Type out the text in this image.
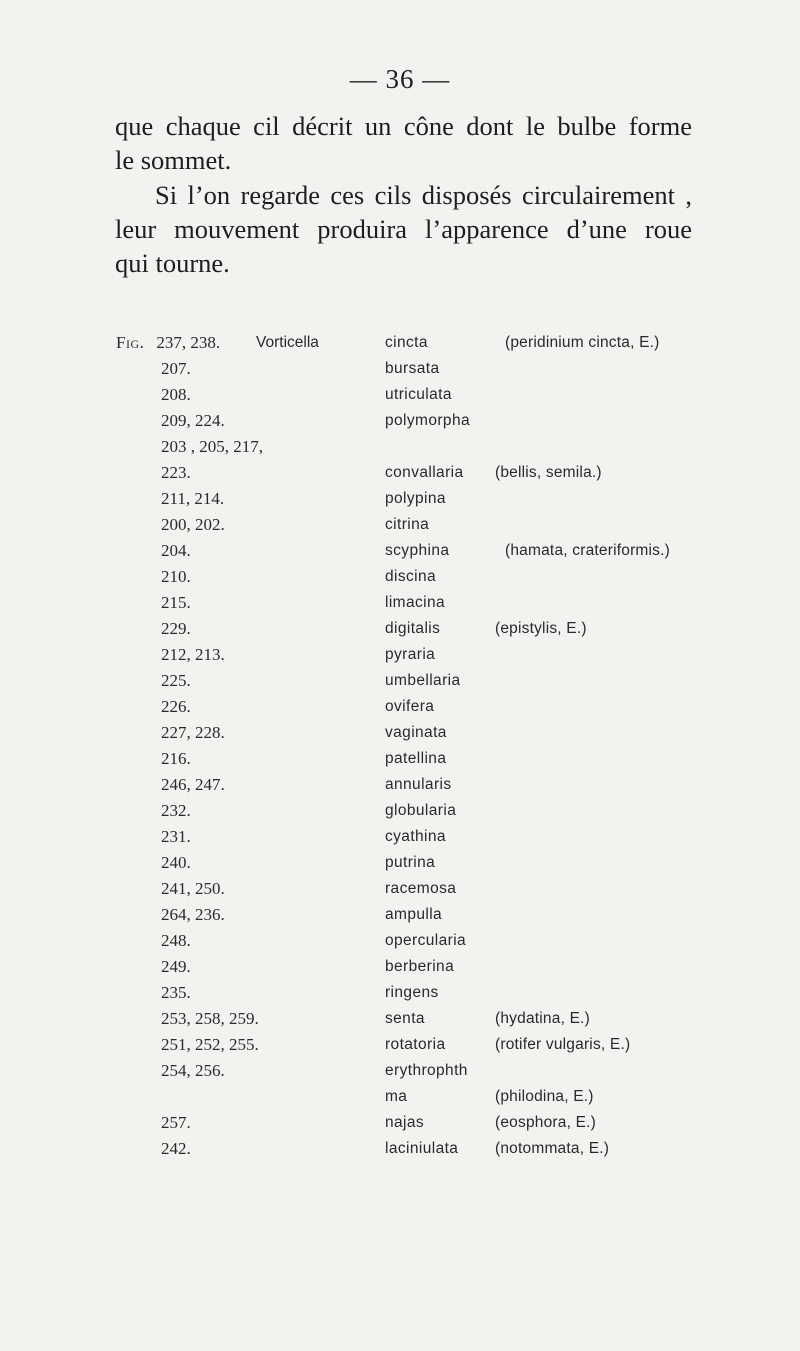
— 36 —
que chaque cil décrit un cône dont le bulbe forme
le sommet.
Si l’on regarde ces cils disposés circulairement ,
leur mouvement produira l’apparence d’une roue
qui tourne.
Fig. 237, 238. Vorticella	cincta	(peridinium cincta, E.)
207.	bursata
208.	utriculata
209, 224.	polymorpha
203 , 205, 217,
223.	convallaria (bellis, semila.)
211, 214.	polypina
200, 202.	citrina
204.	scyphina	(hamata, crateriformis.)
210.	discina
215.	limacina
229.	digitalis	(epistylis, E.)
212, 213.	pyraria
225.	umbellaria
226.	ovifera
227, 228.	vaginata
216.	patellina
246, 247.	annularis
232.	globularia
231.	cyathina
240.	putrina
241, 250.	racemosa
264, 236.	ampulla
248.	opercularia
249.	berberina
235.	ringens
253, 258, 259.	senta	(hydatina, E.)
251, 252, 255.	rotatoria	(rotifer vulgaris, E.)
254, 256.	erythrophth
ma	(philodina, E.)
257.	najas	(eosphora, E.)
242.	laciniulata (notommata, E.)
